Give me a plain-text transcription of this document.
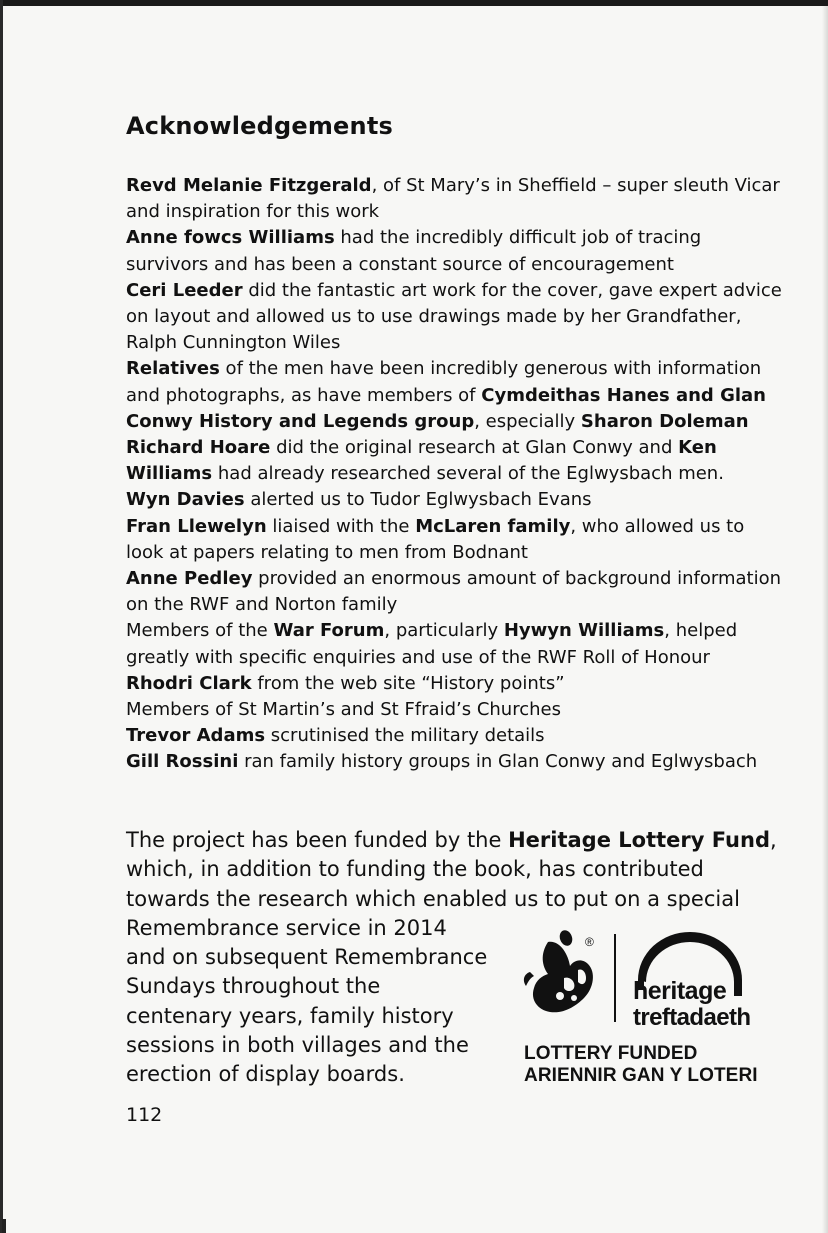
Acknowledgements

Revd Melanie Fitzgerald, of St Mary’s in Sheffield – super sleuth Vicar and inspiration for this work

Anne fowcs Williams had the incredibly difficult job of tracing survivors and has been a constant source of encouragement

Ceri Leeder did the fantastic art work for the cover, gave expert advice on layout and allowed us to use drawings made by her Grandfather, Ralph Cunnington Wiles

Relatives of the men have been incredibly generous with information and photographs, as have members of Cymdeithas Hanes and Glan Conwy History and Legends group, especially Sharon Doleman

Richard Hoare did the original research at Glan Conwy and Ken Williams had already researched several of the Eglwysbach men.

Wyn Davies alerted us to Tudor Eglwysbach Evans

Fran Llewelyn liaised with the McLaren family, who allowed us to look at papers relating to men from Bodnant

Anne Pedley provided an enormous amount of background information on the RWF and Norton family

Members of the War Forum, particularly Hywyn Williams, helped greatly with specific enquiries and use of the RWF Roll of Honour

Rhodri Clark from the web site “History points”

Members of St Martin’s and St Ffraid’s Churches

Trevor Adams scrutinised the military details

Gill Rossini ran family history groups in Glan Conwy and Eglwysbach

The project has been funded by the Heritage Lottery Fund, which, in addition to funding the book, has contributed towards the research which enabled us to put on a special

Remembrance service in 2014
and on subsequent Remembrance
Sundays throughout the
centenary years, family history
sessions in both villages and the
erection of display boards.
®
heritage
treftadaeth
LOTTERY FUNDED
ARIENNIR GAN Y LOTERI
112
